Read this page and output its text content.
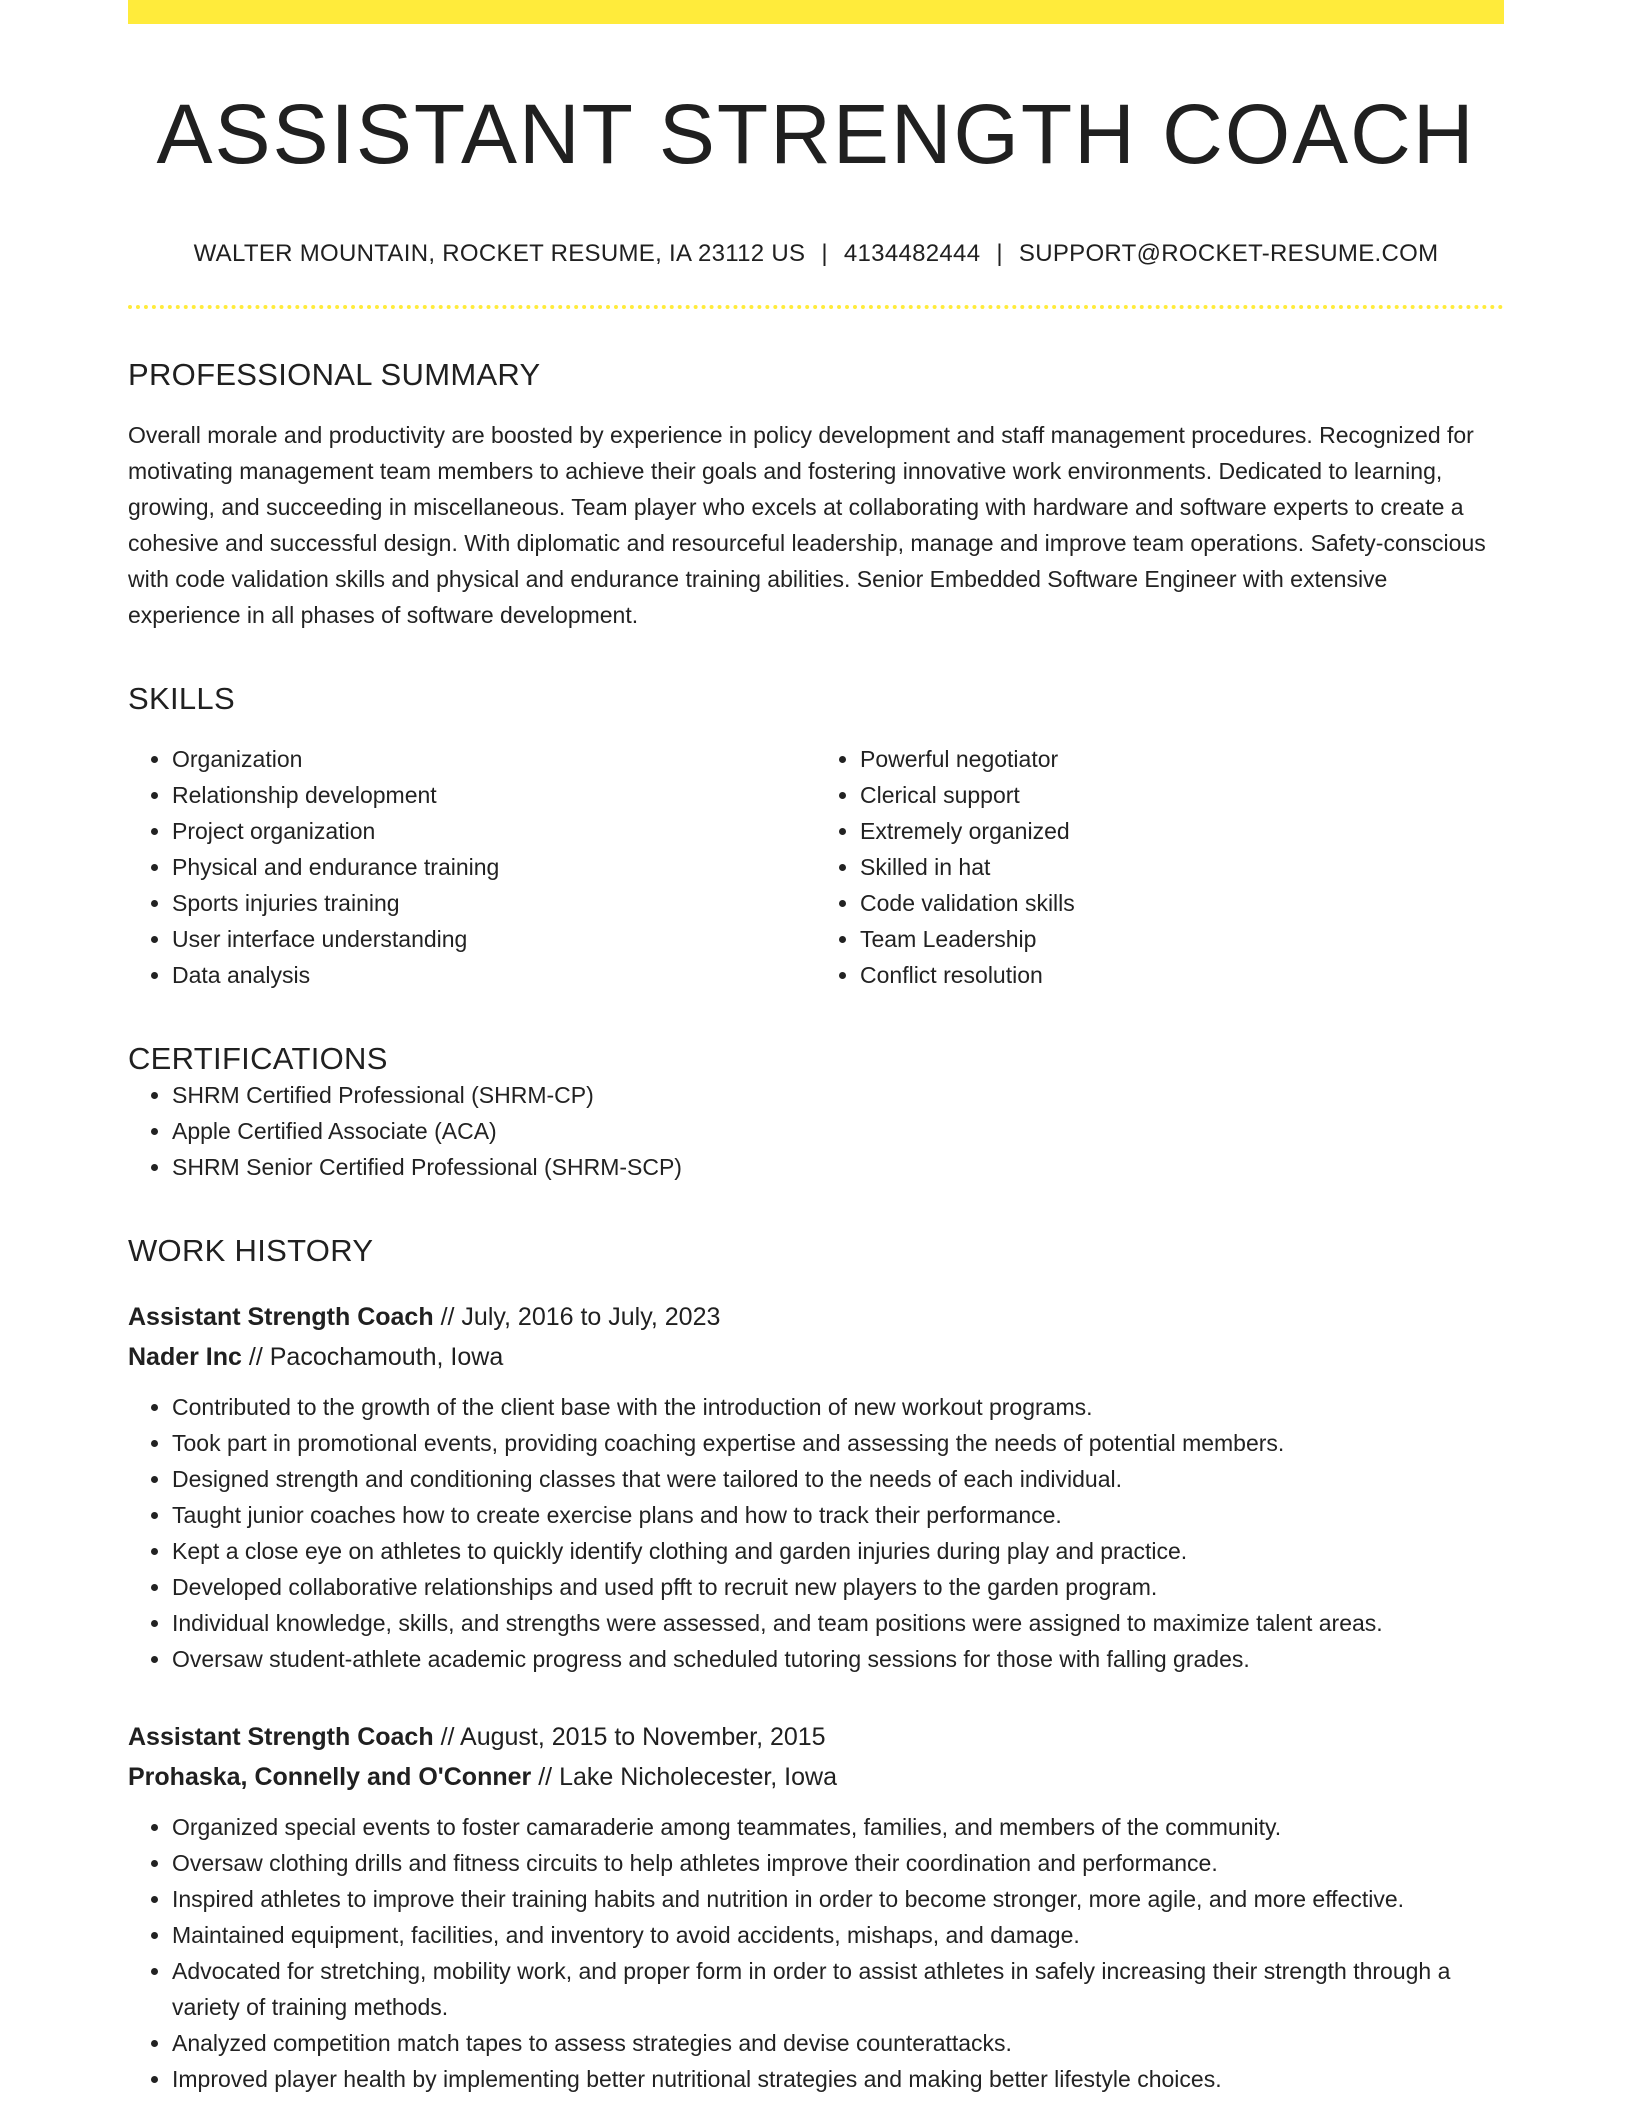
ASSISTANT STRENGTH COACH
WALTER MOUNTAIN, ROCKET RESUME, IA 23112 US | 4134482444 | SUPPORT@ROCKET-RESUME.COM
PROFESSIONAL SUMMARY

Overall morale and productivity are boosted by experience in policy development and staff management procedures. Recognized for motivating management team members to achieve their goals and fostering innovative work environments. Dedicated to learning, growing, and succeeding in miscellaneous. Team player who excels at collaborating with hardware and software experts to create a cohesive and successful design. With diplomatic and resourceful leadership, manage and improve team operations. Safety-conscious with code validation skills and physical and endurance training abilities. Senior Embedded Software Engineer with extensive experience in all phases of software development.

SKILLS
• Organization
• Relationship development
• Project organization
• Physical and endurance training
• Sports injuries training
• User interface understanding
• Data analysis
• Powerful negotiator
• Clerical support
• Extremely organized
• Skilled in hat
• Code validation skills
• Team Leadership
• Conflict resolution
CERTIFICATIONS
• SHRM Certified Professional (SHRM-CP)
• Apple Certified Associate (ACA)
• SHRM Senior Certified Professional (SHRM-SCP)
WORK HISTORY
Assistant Strength Coach // July, 2016 to July, 2023
Nader Inc // Pacochamouth, Iowa
• Contributed to the growth of the client base with the introduction of new workout programs.
• Took part in promotional events, providing coaching expertise and assessing the needs of potential members.
• Designed strength and conditioning classes that were tailored to the needs of each individual.
• Taught junior coaches how to create exercise plans and how to track their performance.
• Kept a close eye on athletes to quickly identify clothing and garden injuries during play and practice.
• Developed collaborative relationships and used pfft to recruit new players to the garden program.
• Individual knowledge, skills, and strengths were assessed, and team positions were assigned to maximize talent areas.
• Oversaw student-athlete academic progress and scheduled tutoring sessions for those with falling grades.
Assistant Strength Coach // August, 2015 to November, 2015
Prohaska, Connelly and O'Conner // Lake Nicholecester, Iowa
• Organized special events to foster camaraderie among teammates, families, and members of the community.
• Oversaw clothing drills and fitness circuits to help athletes improve their coordination and performance.
• Inspired athletes to improve their training habits and nutrition in order to become stronger, more agile, and more effective.
• Maintained equipment, facilities, and inventory to avoid accidents, mishaps, and damage.
• Advocated for stretching, mobility work, and proper form in order to assist athletes in safely increasing their strength through a variety of training methods.
• Analyzed competition match tapes to assess strategies and devise counterattacks.
• Improved player health by implementing better nutritional strategies and making better lifestyle choices.
